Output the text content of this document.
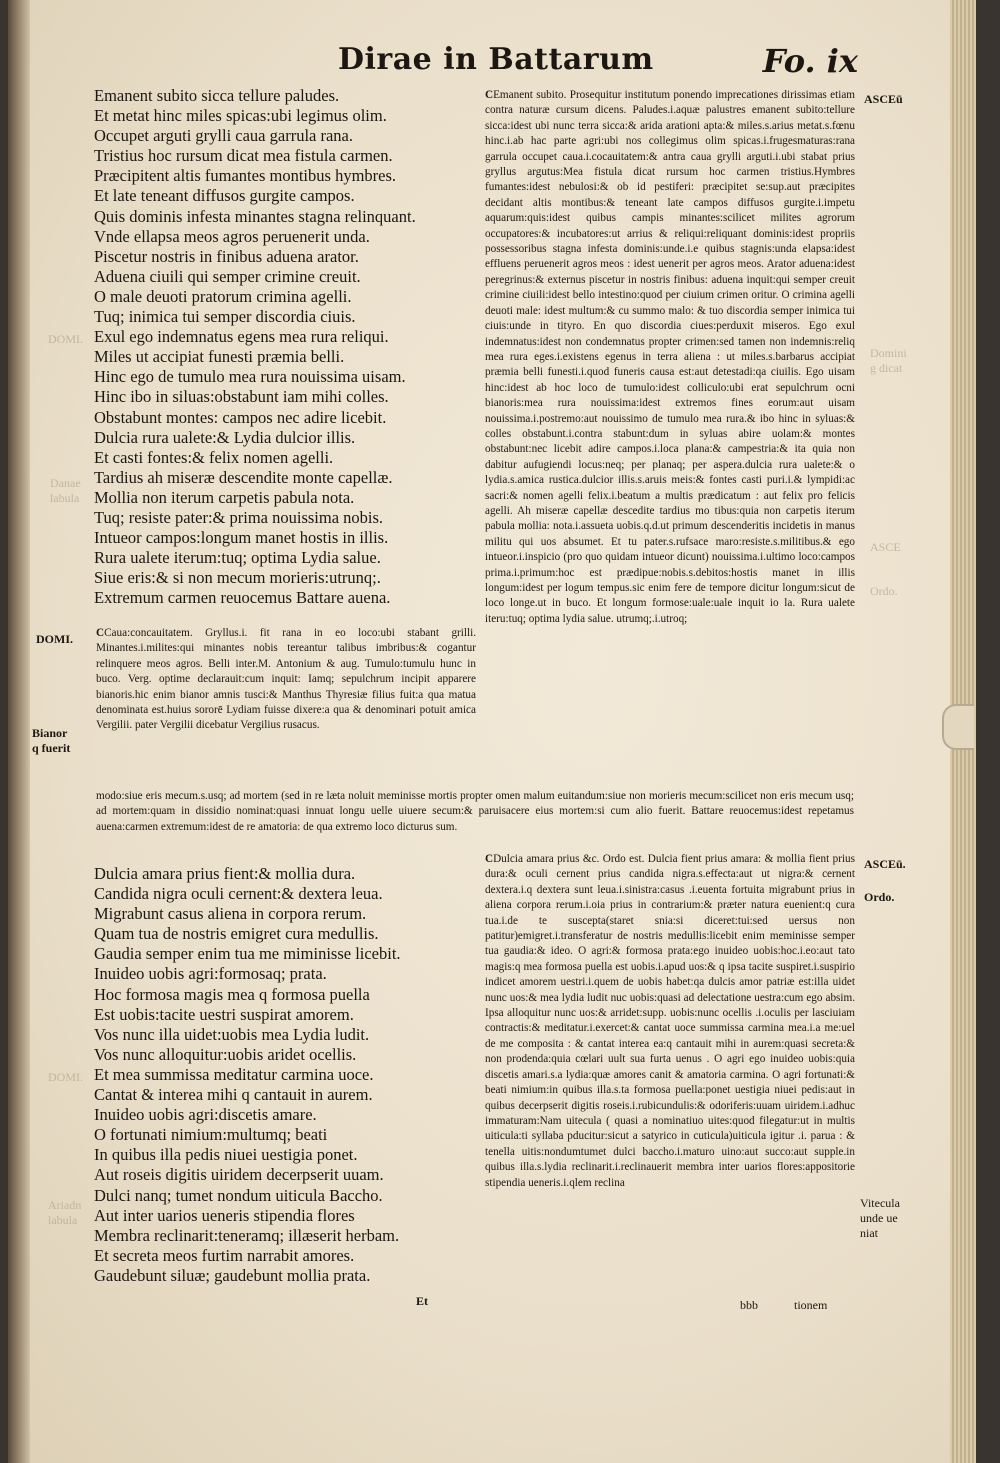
Dirae in Battarum	Fo. ix
DOMI.
Danae
labula
DOMI.
Ariadn
labula
Domini
g dicat
ASCE
Ordo.
Emanent subito sicca tellure paludes.
Et metat hinc miles spicas:ubi legimus olim.
Occupet arguti grylli caua garrula rana.
Tristius hoc rursum dicat mea fistula carmen.
Præcipitent altis fumantes montibus hymbres.
Et late teneant diffusos gurgite campos.
Quis dominis infesta minantes stagna relinquant.
Vnde ellapsa meos agros peruenerit unda.
Piscetur nostris in finibus aduena arator.
Aduena ciuili qui semper crimine creuit.
O male deuoti pratorum crimina agelli.
Tuq; inimica tui semper discordia ciuis.
Exul ego indemnatus egens mea rura reliqui.
Miles ut accipiat funesti præmia belli.
Hinc ego de tumulo mea rura nouissima uisam.
Hinc ibo in siluas:obstabunt iam mihi colles.
Obstabunt montes: campos nec adire licebit.
Dulcia rura ualete:& Lydia dulcior illis.
Et casti fontes:& felix nomen agelli.
Tardius ah miseræ descendite monte capellæ.
Mollia non iterum carpetis pabula nota.
Tuq; resiste pater:& prima nouissima nobis.
Intueor campos:longum manet hostis in illis.
Rura ualete iterum:tuq; optima Lydia salue.
Siue eris:& si non mecum morieris:utrunq;.
Extremum carmen reuocemus Battare auena.
CEmanent subito. Prosequitur institutum ponendo imprecationes dirissimas etiam contra naturæ cursum dicens. Paludes.i.aquæ palustres emanent subito:tellure sicca:idest ubi nunc terra sicca:& arida arationi apta:& miles.s.arius metat.s.fœnu hinc.i.ab hac parte agri:ubi nos collegimus olim spicas.i.frugesmaturas:rana garrula occupet caua.i.cocauitatem:& antra caua grylli arguti.i.ubi stabat prius gryllus argutus:Mea fistula dicat rursum hoc carmen tristius.Hymbres fumantes:idest nebulosi:& ob id pestiferi: præcipitet se:sup.aut præcipites decidant altis montibus:& teneant late campos diffusos gurgite.i.impetu aquarum:quis:idest quibus campis minantes:scilicet milites agrorum occupatores:& incubatores:ut arrius & reliqui:reliquant dominis:idest propriis possessoribus stagna infesta dominis:unde.i.e quibus stagnis:unda elapsa:idest effluens peruenerit agros meos : idest uenerit per agros meos. Arator aduena:idest peregrinus:& externus piscetur in nostris finibus: aduena inquit:qui semper creuit crimine ciuili:idest bello intestino:quod per ciuium crimen oritur. O crimina agelli deuoti male: idest multum:& cu summo malo: & tuo discordia semper inimica tui ciuis:unde in tityro. En quo discordia ciues:perduxit miseros. Ego exul indemnatus:idest non condemnatus propter crimen:sed tamen non indemnis:reliq mea rura eges.i.existens egenus in terra aliena : ut miles.s.barbarus accipiat præmia belli funesti.i.quod funeris causa est:aut detestadi:qa ciuilis. Ego uisam hinc:idest ab hoc loco de tumulo:idest colliculo:ubi erat sepulchrum ocni bianoris:mea rura nouissima:idest extremos fines eorum:aut uisam nouissima.i.postremo:aut nouissimo de tumulo mea rura.& ibo hinc in syluas:& colles obstabunt.i.contra stabunt:dum in syluas abire uolam:& montes obstabunt:nec licebit adire campos.i.loca plana:& campestria:& ita quia non dabitur aufugiendi locus:neq; per planaq; per aspera.dulcia rura ualete:& o lydia.s.amica rustica.dulcior illis.s.aruis meis:& fontes casti puri.i.& lympidi:ac sacri:& nomen agelli felix.i.beatum a multis prædicatum : aut felix pro felicis agelli. Ah miseræ capellæ descedite tardius mo tibus:quia non carpetis iterum pabula mollia: nota.i.assueta uobis.q.d.ut primum descenderitis incidetis in manus militu qui uos absumet. Et tu pater.s.rufsace maro:resiste.s.militibus.& ego intueor.i.inspicio (pro quo quidam intueor dicunt) nouissima.i.ultimo loco:campos prima.i.primum:hoc est prædipue:nobis.s.debitos:hostis manet in illis longum:idest per logum tempus.sic enim fere de tempore dicitur longum:sicut de loco longe.ut in buco. Et longum formose:uale:uale inquit io la. Rura ualete iteru:tuq; optima lydia salue. utrumq;.i.utroq;
CCaua:concauitatem. Gryllus.i. fit rana in eo loco:ubi stabant grilli. Minantes.i.milites:qui minantes nobis tereantur talibus imbribus:& cogantur relinquere meos agros. Belli inter.M. Antonium & aug. Tumulo:tumulu hunc in buco. Verg. optime declarauit:cum inquit: Iamq; sepulchrum incipit apparere bianoris.hic enim bianor amnis tusci:& Manthus Thyresiæ filius fuit:a qua matua denominata est.huius sororē Lydiam fuisse dixere:a qua & denominari potuit amica Vergilii. pater Vergilii dicebatur Vergilius rusacus.
modo:siue eris mecum.s.usq; ad mortem (sed in re læta noluit meminisse mortis propter omen malum euitandum:siue non morieris mecum:scilicet non eris mecum usq; ad mortem:quam in dissidio nominat:quasi innuat longu uelle uiuere secum:& paruisacere eius mortem:si cum alio fuerit. Battare reuocemus:idest repetamus auena:carmen extremum:idest de re amatoria: de qua extremo loco dicturus sum.
Dulcia amara prius fient:& mollia dura.
Candida nigra oculi cernent:& dextera leua.
Migrabunt casus aliena in corpora rerum.
Quam tua de nostris emigret cura medullis.
Gaudia semper enim tua me miminisse licebit.
Inuideo uobis agri:formosaq; prata.
Hoc formosa magis mea q formosa puella
Est uobis:tacite uestri suspirat amorem.
Vos nunc illa uidet:uobis mea Lydia ludit.
Vos nunc alloquitur:uobis aridet ocellis.
Et mea summissa meditatur carmina uoce.
Cantat & interea mihi q cantauit in aurem.
Inuideo uobis agri:discetis amare.
O fortunati nimium:multumq; beati
In quibus illa pedis niuei uestigia ponet.
Aut roseis digitis uiridem decerpserit uuam.
Dulci nanq; tumet nondum uiticula Baccho.
Aut inter uarios ueneris stipendia flores
Membra reclinarit:teneramq; illæserit herbam.
Et secreta meos furtim narrabit amores.
Gaudebunt siluæ; gaudebunt mollia prata.
CDulcia amara prius &c. Ordo est. Dulcia fient prius amara: & mollia fient prius dura:& oculi cernent prius candida nigra.s.effecta:aut ut nigra:& cernent dextera.i.q dextera sunt leua.i.sinistra:casus .i.euenta fortuita migrabunt prius in aliena corpora rerum.i.oia prius in contrarium:& præter natura euenient:q cura tua.i.de te suscepta(staret snia:si diceret:tui:sed uersus non patitur)emigret.i.transferatur de nostris medullis:licebit enim meminisse semper tua gaudia:& ideo. O agri:& formosa prata:ego inuideo uobis:hoc.i.eo:aut tato magis:q mea formosa puella est uobis.i.apud uos:& q ipsa tacite suspiret.i.suspirio indicet amorem uestri.i.quem de uobis habet:qa dulcis amor patriæ est:illa uidet nunc uos:& mea lydia ludit nuc uobis:quasi ad delectatione uestra:cum ego absim. Ipsa alloquitur nunc uos:& arridet:supp. uobis:nunc ocellis .i.oculis per lasciuiam contractis:& meditatur.i.exercet:& cantat uoce summissa carmina mea.i.a me:uel de me composita : & cantat interea ea:q cantauit mihi in aurem:quasi secreta:& non prodenda:quia cœlari uult sua furta uenus . O agri ego inuideo uobis:quia discetis amari.s.a lydia:quæ amores canit & amatoria carmina. O agri fortunati:& beati nimium:in quibus illa.s.ta formosa puella:ponet uestigia niuei pedis:aut in quibus decerpserit digitis roseis.i.rubicundulis:& odoriferis:uuam uiridem.i.adhuc immaturam:Nam uitecula ( quasi a nominatiuo uites:quod filegatur:ut in multis uiticula:ti syllaba pducitur:sicut a satyrico in cuticula)uiticula igitur .i. parua : & tenella uitis:nondumtumet dulci baccho.i.maturo uino:aut succo:aut supple.in quibus illa.s.lydia reclinarit.i.reclinauerit membra inter uarios flores:appositorie stipendia ueneris.i.qlem reclina
ASCEū
DOMI.
Bianor
q fuerit
ASCEū.
Ordo.
Vitecula
unde ue
niat
Et	bbb	tionem
